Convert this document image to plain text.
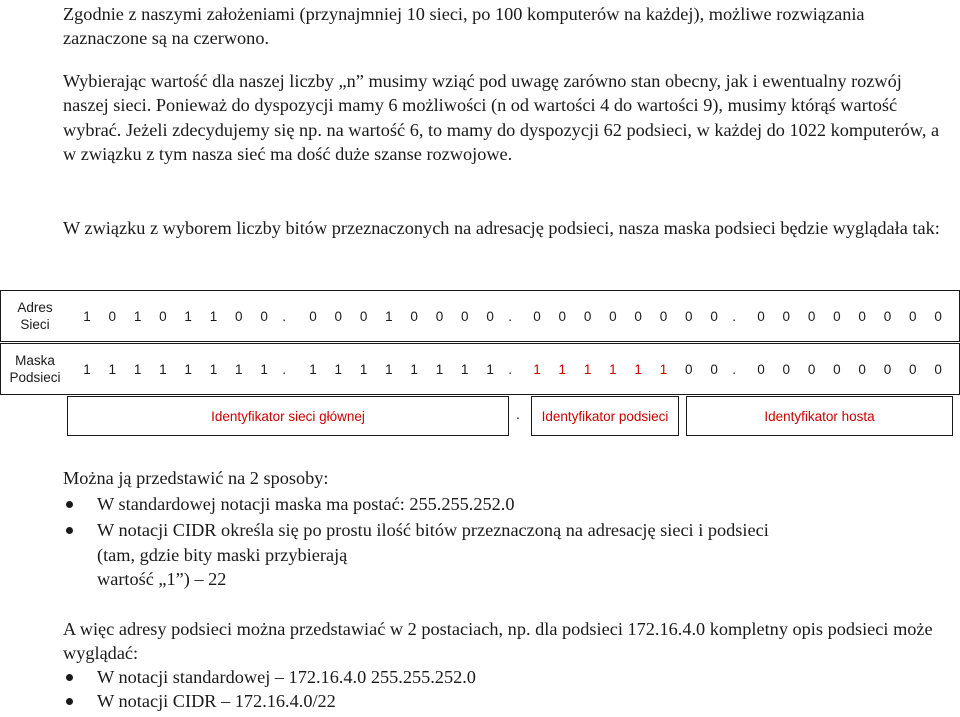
Zgodnie z naszymi założeniami (przynajmniej 10 sieci, po 100 komputerów na każdej), możliwe rozwiązania zaznaczone są na czerwono.

Wybierając wartość dla naszej liczby „n” musimy wziąć pod uwagę zarówno stan obecny, jak i ewentualny rozwój naszej sieci. Ponieważ do dyspozycji mamy 6 możliwości (n od wartości 4 do wartości 9), musimy którąś wartość wybrać. Jeżeli zdecydujemy się np. na wartość 6, to mamy do dyspozycji 62 podsieci, w każdej do 1022 komputerów, a w związku z tym nasza sieć ma dość duże szanse rozwojowe.

W związku z wyborem liczby bitów przeznaczonych na adresację podsieci, nasza maska podsieci będzie wyglądała tak:

Adres Sieci
1 0 1 0 1 1 0 0 . 0 0 0 1 0 0 0 0 . 0 0 0 0 0 0 0 0 . 0 0 0 0 0 0 0 0
Maska Podsieci
1 1 1 1 1 1 1 1 . 1 1 1 1 1 1 1 1 . 1 1 1 1 1 1 0 0 . 0 0 0 0 0 0 0 0
Identyfikator sieci głównej	. Identyfikator podsieci	Identyfikator hosta

Można ją przedstawić na 2 sposoby:

W standardowej notacji maska ma postać: 255.255.252.0
W notacji CIDR określa się po prostu ilość bitów przeznaczoną na adresację sieci i podsieci
(tam, gdzie bity maski przybierają
wartość „1”) – 22

A więc adresy podsieci można przedstawiać w 2 postaciach, np. dla podsieci 172.16.4.0 kompletny opis podsieci może wyglądać:

W notacji standardowej – 172.16.4.0 255.255.252.0
W notacji CIDR – 172.16.4.0/22
